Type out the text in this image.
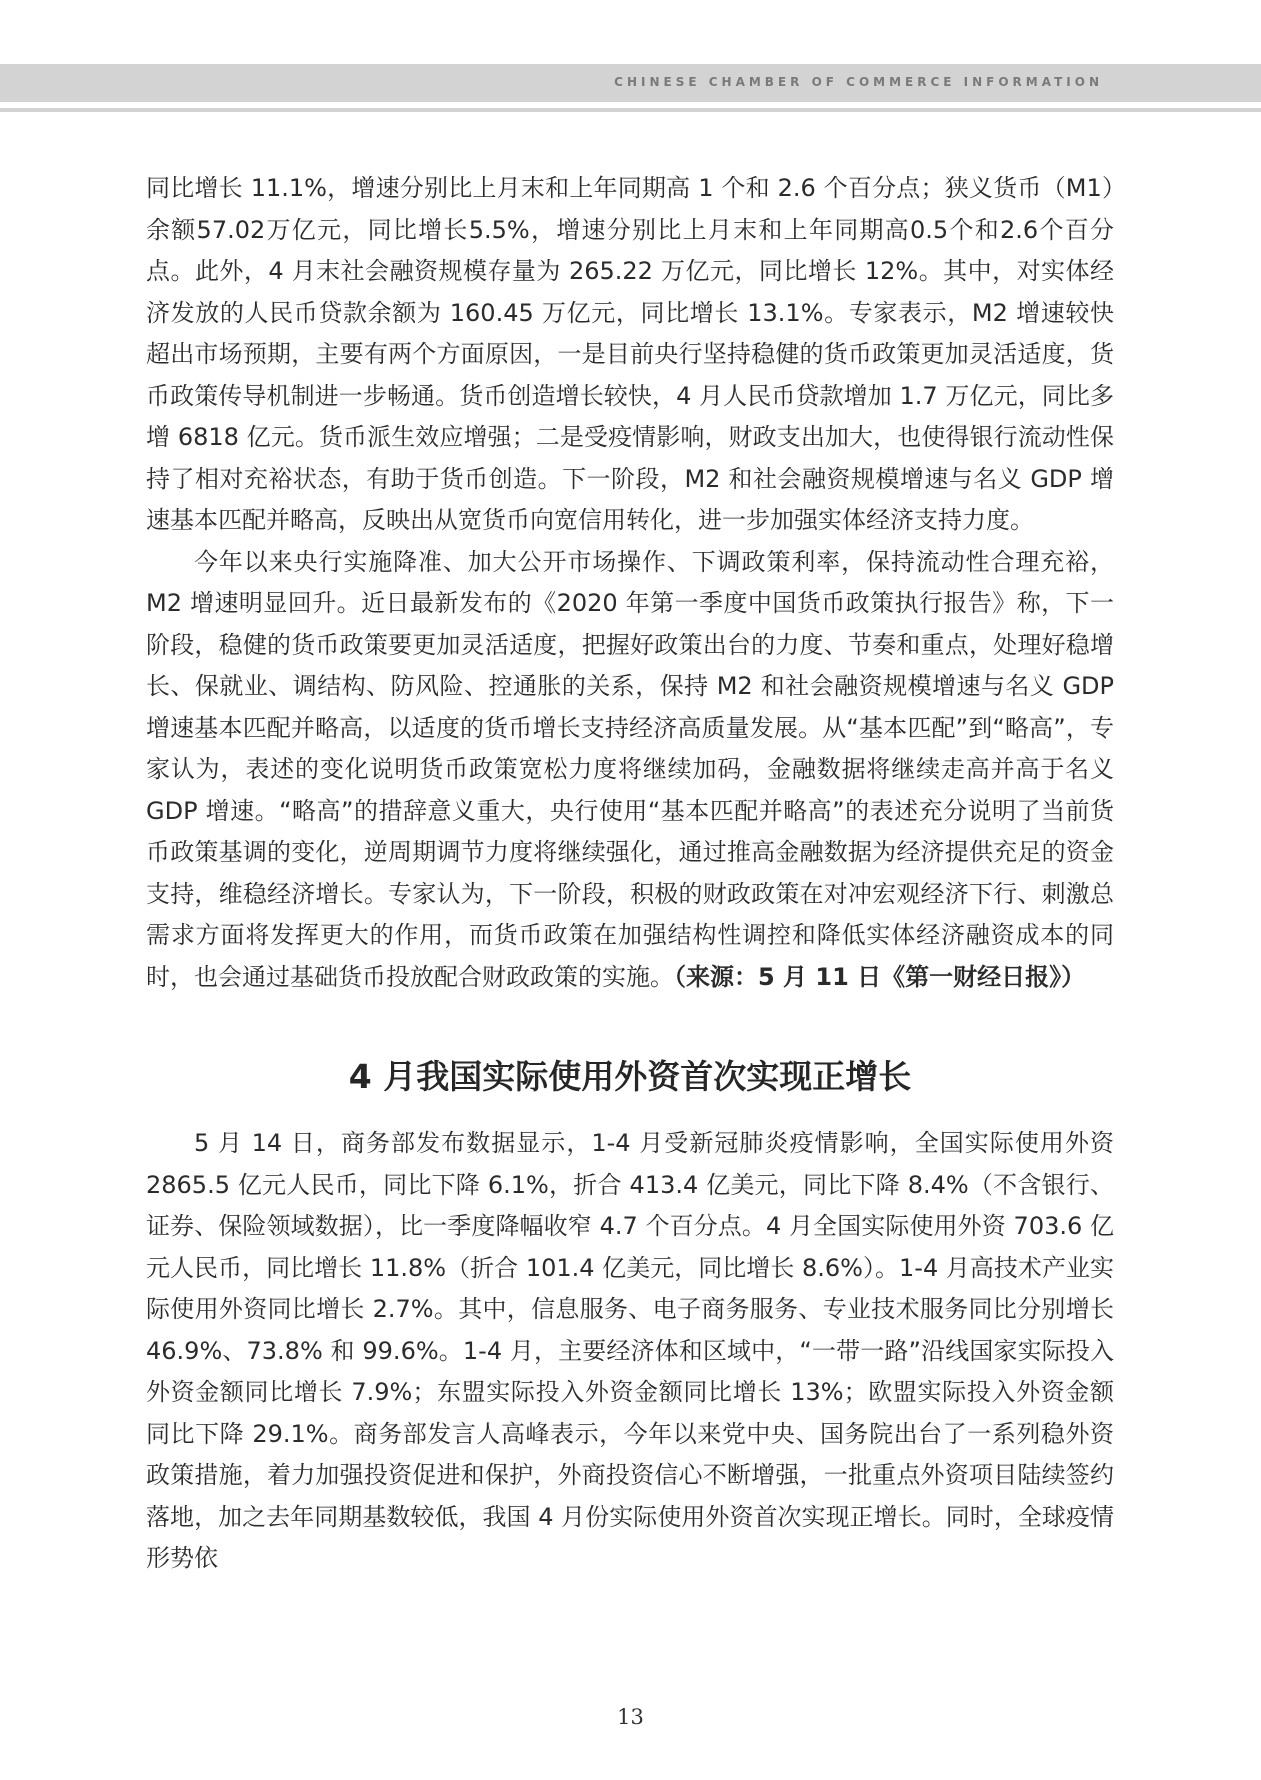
CHINESE CHAMBER OF COMMERCE INFORMATION

同比增长 11.1%，增速分别比上月末和上年同期高 1 个和 2.6 个百分点；狭义货币（M1）余额57.02万亿元，同比增长5.5%，增速分别比上月末和上年同期高0.5个和2.6个百分点。此外，4 月末社会融资规模存量为 265.22 万亿元，同比增长 12%。其中，对实体经济发放的人民币贷款余额为 160.45 万亿元，同比增长 13.1%。专家表示，M2 增速较快超出市场预期，主要有两个方面原因，一是目前央行坚持稳健的货币政策更加灵活适度，货币政策传导机制进一步畅通。货币创造增长较快，4 月人民币贷款增加 1.7 万亿元，同比多增 6818 亿元。货币派生效应增强；二是受疫情影响，财政支出加大，也使得银行流动性保持了相对充裕状态，有助于货币创造。下一阶段，M2 和社会融资规模增速与名义 GDP 增速基本匹配并略高，反映出从宽货币向宽信用转化，进一步加强实体经济支持力度。

今年以来央行实施降准、加大公开市场操作、下调政策利率，保持流动性合理充裕，M2 增速明显回升。近日最新发布的《2020 年第一季度中国货币政策执行报告》称，下一阶段，稳健的货币政策要更加灵活适度，把握好政策出台的力度、节奏和重点，处理好稳增长、保就业、调结构、防风险、控通胀的关系，保持 M2 和社会融资规模增速与名义 GDP 增速基本匹配并略高，以适度的货币增长支持经济高质量发展。从“基本匹配”到“略高”，专家认为，表述的变化说明货币政策宽松力度将继续加码，金融数据将继续走高并高于名义 GDP 增速。“略高”的措辞意义重大，央行使用“基本匹配并略高”的表述充分说明了当前货币政策基调的变化，逆周期调节力度将继续强化，通过推高金融数据为经济提供充足的资金支持，维稳经济增长。专家认为，下一阶段，积极的财政政策在对冲宏观经济下行、刺激总需求方面将发挥更大的作用，而货币政策在加强结构性调控和降低实体经济融资成本的同时，也会通过基础货币投放配合财政政策的实施。（来源：5 月 11 日《第一财经日报》）

4 月我国实际使用外资首次实现正增长

5 月 14 日，商务部发布数据显示，1-4 月受新冠肺炎疫情影响，全国实际使用外资2865.5 亿元人民币，同比下降 6.1%，折合 413.4 亿美元，同比下降 8.4%（不含银行、证券、保险领域数据），比一季度降幅收窄 4.7 个百分点。4 月全国实际使用外资 703.6 亿元人民币，同比增长 11.8%（折合 101.4 亿美元，同比增长 8.6%）。1-4 月高技术产业实际使用外资同比增长 2.7%。其中，信息服务、电子商务服务、专业技术服务同比分别增长 46.9%、73.8% 和 99.6%。1-4 月，主要经济体和区域中，“一带一路”沿线国家实际投入外资金额同比增长 7.9%；东盟实际投入外资金额同比增长 13%；欧盟实际投入外资金额同比下降 29.1%。商务部发言人高峰表示，今年以来党中央、国务院出台了一系列稳外资政策措施，着力加强投资促进和保护，外商投资信心不断增强，一批重点外资项目陆续签约落地，加之去年同期基数较低，我国 4 月份实际使用外资首次实现正增长。同时，全球疫情形势依

13
